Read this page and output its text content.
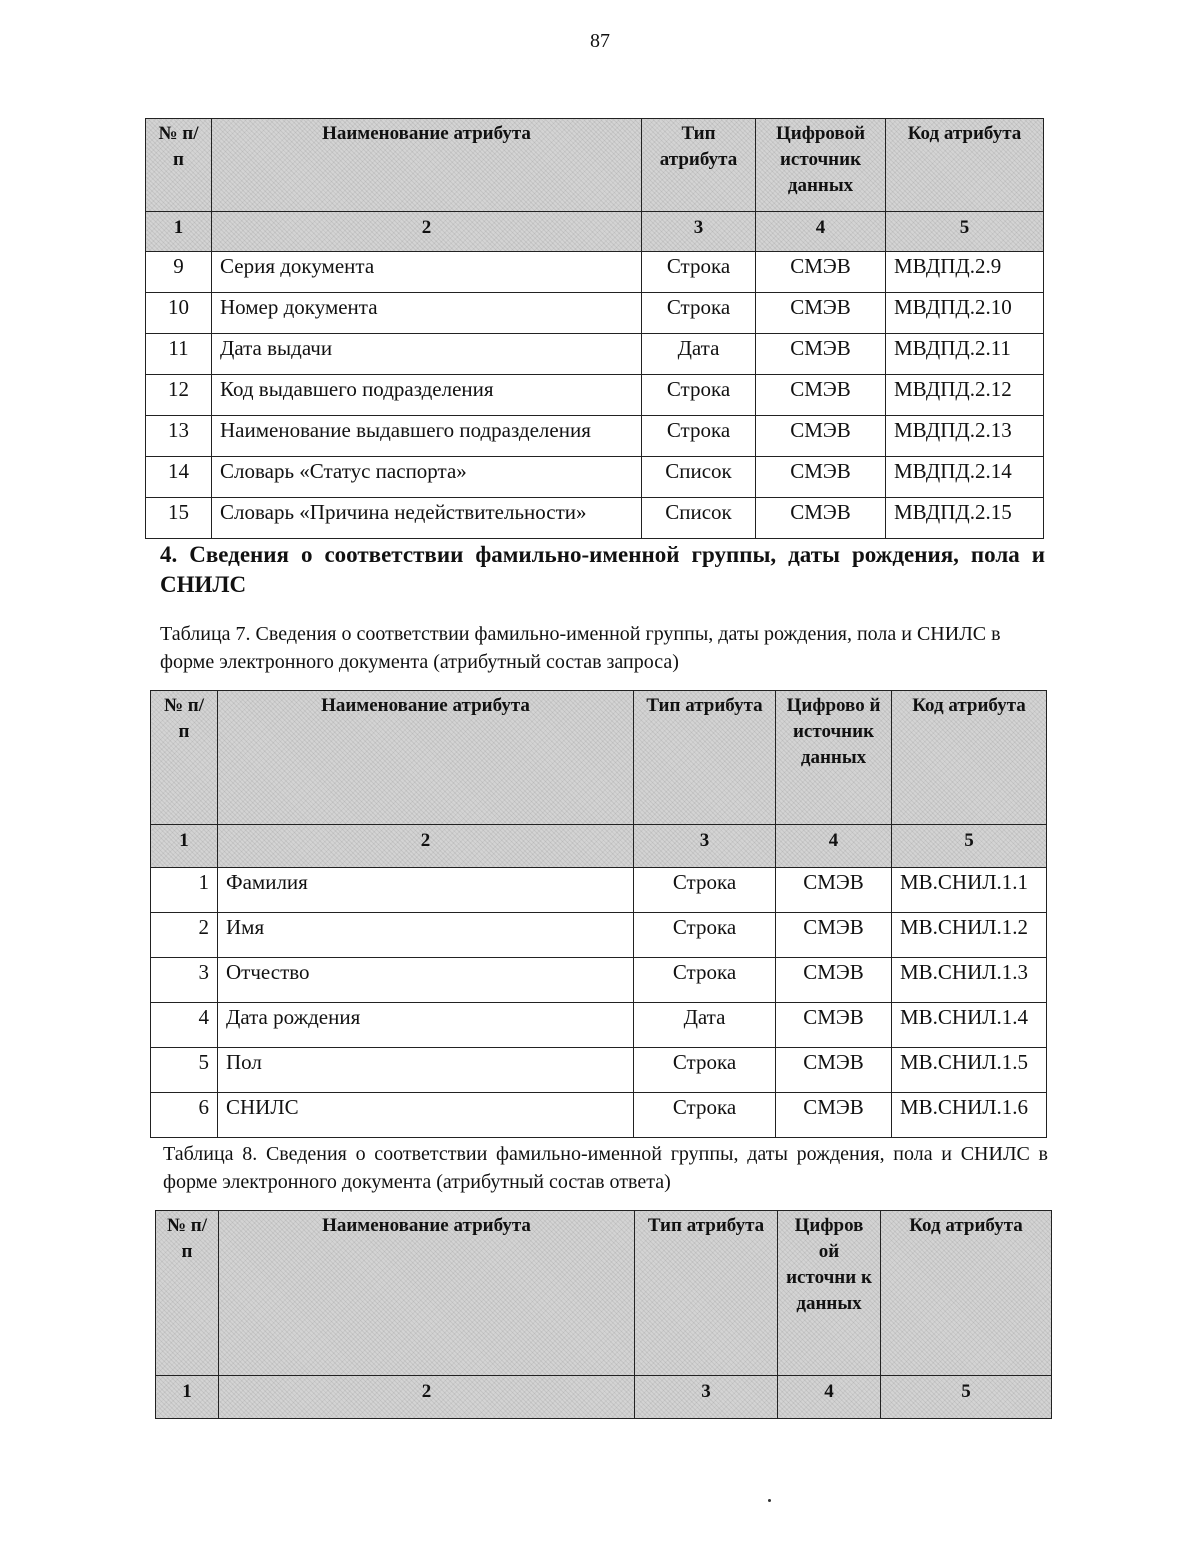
87
№ п/п	Наименование атрибута	Тип атрибута	Цифровой источник данных	Код атрибута
1	2	3	4	5
9	Серия документа	Строка	СМЭВ	МВДПД.2.9
10	Номер документа	Строка	СМЭВ	МВДПД.2.10
11	Дата выдачи	Дата	СМЭВ	МВДПД.2.11
12	Код выдавшего подразделения	Строка	СМЭВ	МВДПД.2.12
13	Наименование выдавшего подразделения	Строка	СМЭВ	МВДПД.2.13
14	Словарь «Статус паспорта»	Список	СМЭВ	МВДПД.2.14
15	Словарь «Причина недействительности»	Список	СМЭВ	МВДПД.2.15
4. Сведения о соответствии фамильно-именной группы, даты рождения, пола и СНИЛС
Таблица 7. Сведения о соответствии фамильно-именной группы, даты рождения, пола и СНИЛС в форме электронного документа (атрибутный состав запроса)
№ п/п	Наименование атрибута	Тип атрибута	Цифрово й источник данных	Код атрибута
1	2	3	4	5
1	Фамилия	Строка	СМЭВ	МВ.СНИЛ.1.1
2	Имя	Строка	СМЭВ	МВ.СНИЛ.1.2
3	Отчество	Строка	СМЭВ	МВ.СНИЛ.1.3
4	Дата рождения	Дата	СМЭВ	МВ.СНИЛ.1.4
5	Пол	Строка	СМЭВ	МВ.СНИЛ.1.5
6	СНИЛС	Строка	СМЭВ	МВ.СНИЛ.1.6
Таблица 8. Сведения о соответствии фамильно-именной группы, даты рождения, пола и СНИЛС в форме электронного документа (атрибутный состав ответа)
№ п/п	Наименование атрибута	Тип атрибута	Цифров ой источни к данных	Код атрибута
1	2	3	4	5
